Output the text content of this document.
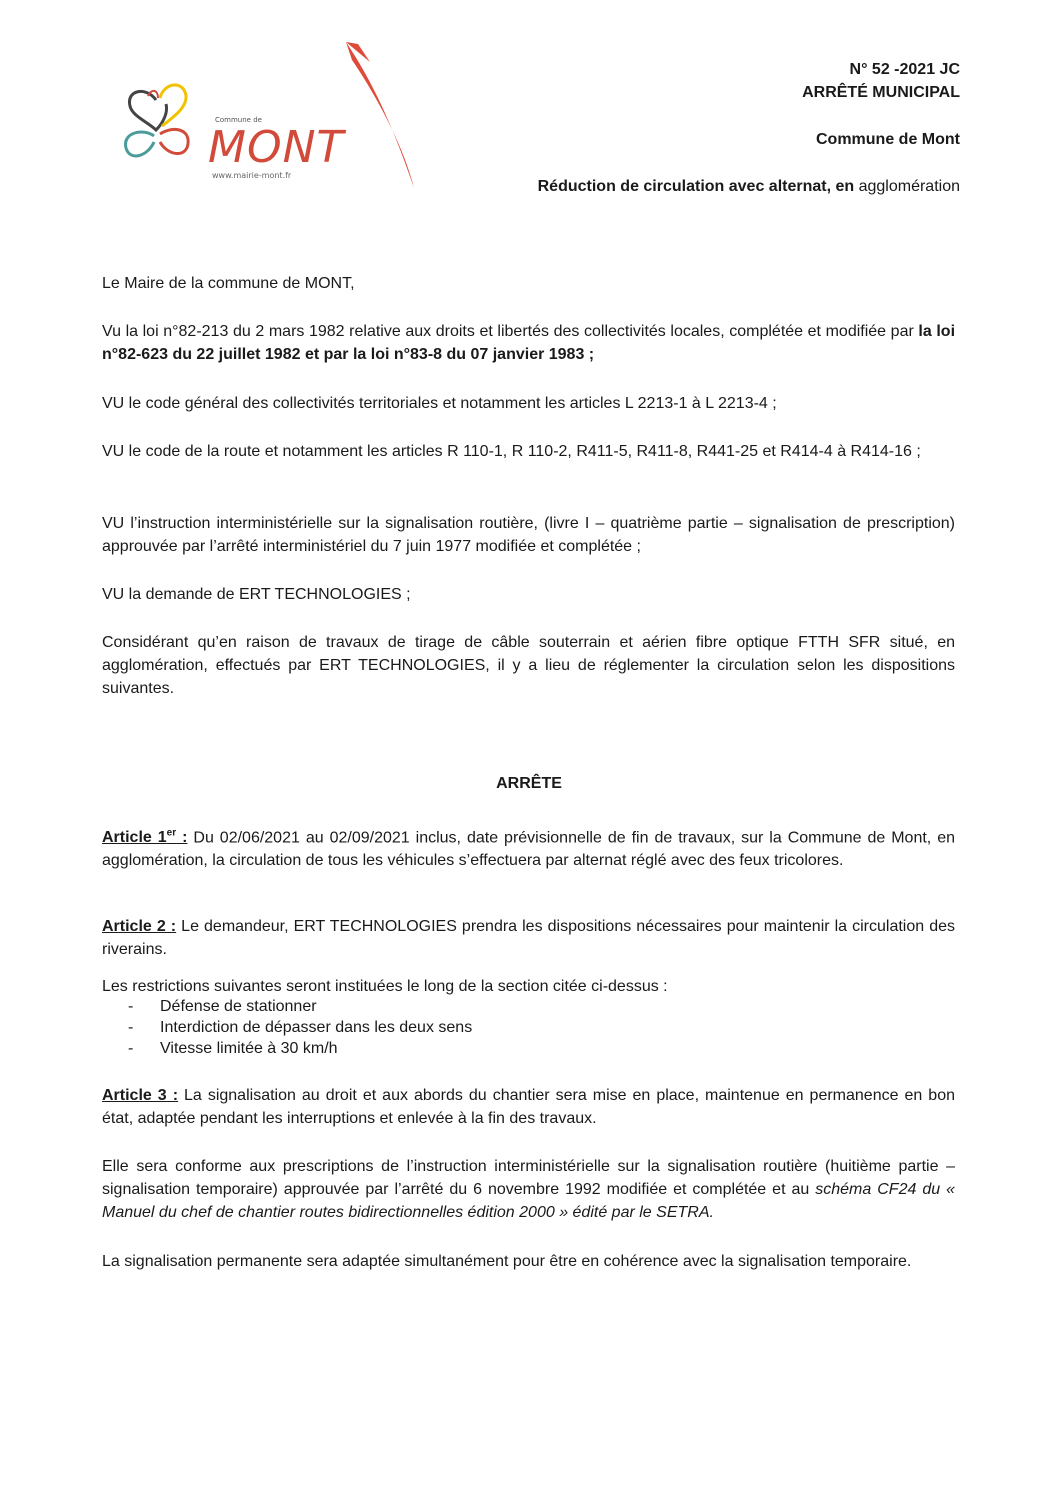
Commune de
MONT
www.mairie-mont.fr
N° 52 -2021 JC
ARRÊTÉ MUNICIPAL
Commune de Mont
Réduction de circulation avec alternat, en agglomération

Le Maire de la commune de MONT,

Vu la loi n°82-213 du 2 mars 1982 relative aux droits et libertés des collectivités locales, complétée et modifiée par la loi n°82-623 du 22 juillet 1982 et par la loi n°83-8 du 07 janvier 1983 ;

VU le code général des collectivités territoriales et notamment les articles L 2213-1 à L 2213-4 ;

VU le code de la route et notamment les articles R 110-1, R 110-2, R411-5, R411-8, R441-25 et R414-4 à R414-16 ;

VU l’instruction interministérielle sur la signalisation routière, (livre I – quatrième partie – signalisation de prescription) approuvée par l’arrêté interministériel du 7 juin 1977 modifiée et complétée ;

VU la demande de ERT TECHNOLOGIES ;

Considérant qu’en raison de travaux de tirage de câble souterrain et aérien fibre optique FTTH SFR situé, en agglomération, effectués par ERT TECHNOLOGIES, il y a lieu de réglementer la circulation selon les dispositions suivantes.

ARRÊTE

Article 1er : Du 02/06/2021 au 02/09/2021 inclus, date prévisionnelle de fin de travaux, sur la Commune de Mont, en agglomération, la circulation de tous les véhicules s’effectuera par alternat réglé avec des feux tricolores.

Article 2 : Le demandeur, ERT TECHNOLOGIES prendra les dispositions nécessaires pour maintenir la circulation des riverains.

Les restrictions suivantes seront instituées le long de la section citée ci-dessus :

- Défense de stationner
- Interdiction de dépasser dans les deux sens
- Vitesse limitée à 30 km/h

Article 3 : La signalisation au droit et aux abords du chantier sera mise en place, maintenue en permanence en bon état, adaptée pendant les interruptions et enlevée à la fin des travaux.

Elle sera conforme aux prescriptions de l’instruction interministérielle sur la signalisation routière (huitième partie – signalisation temporaire) approuvée par l’arrêté du 6 novembre 1992 modifiée et complétée et au schéma CF24 du « Manuel du chef de chantier routes bidirectionnelles édition 2000 » édité par le SETRA.

La signalisation permanente sera adaptée simultanément pour être en cohérence avec la signalisation temporaire.
